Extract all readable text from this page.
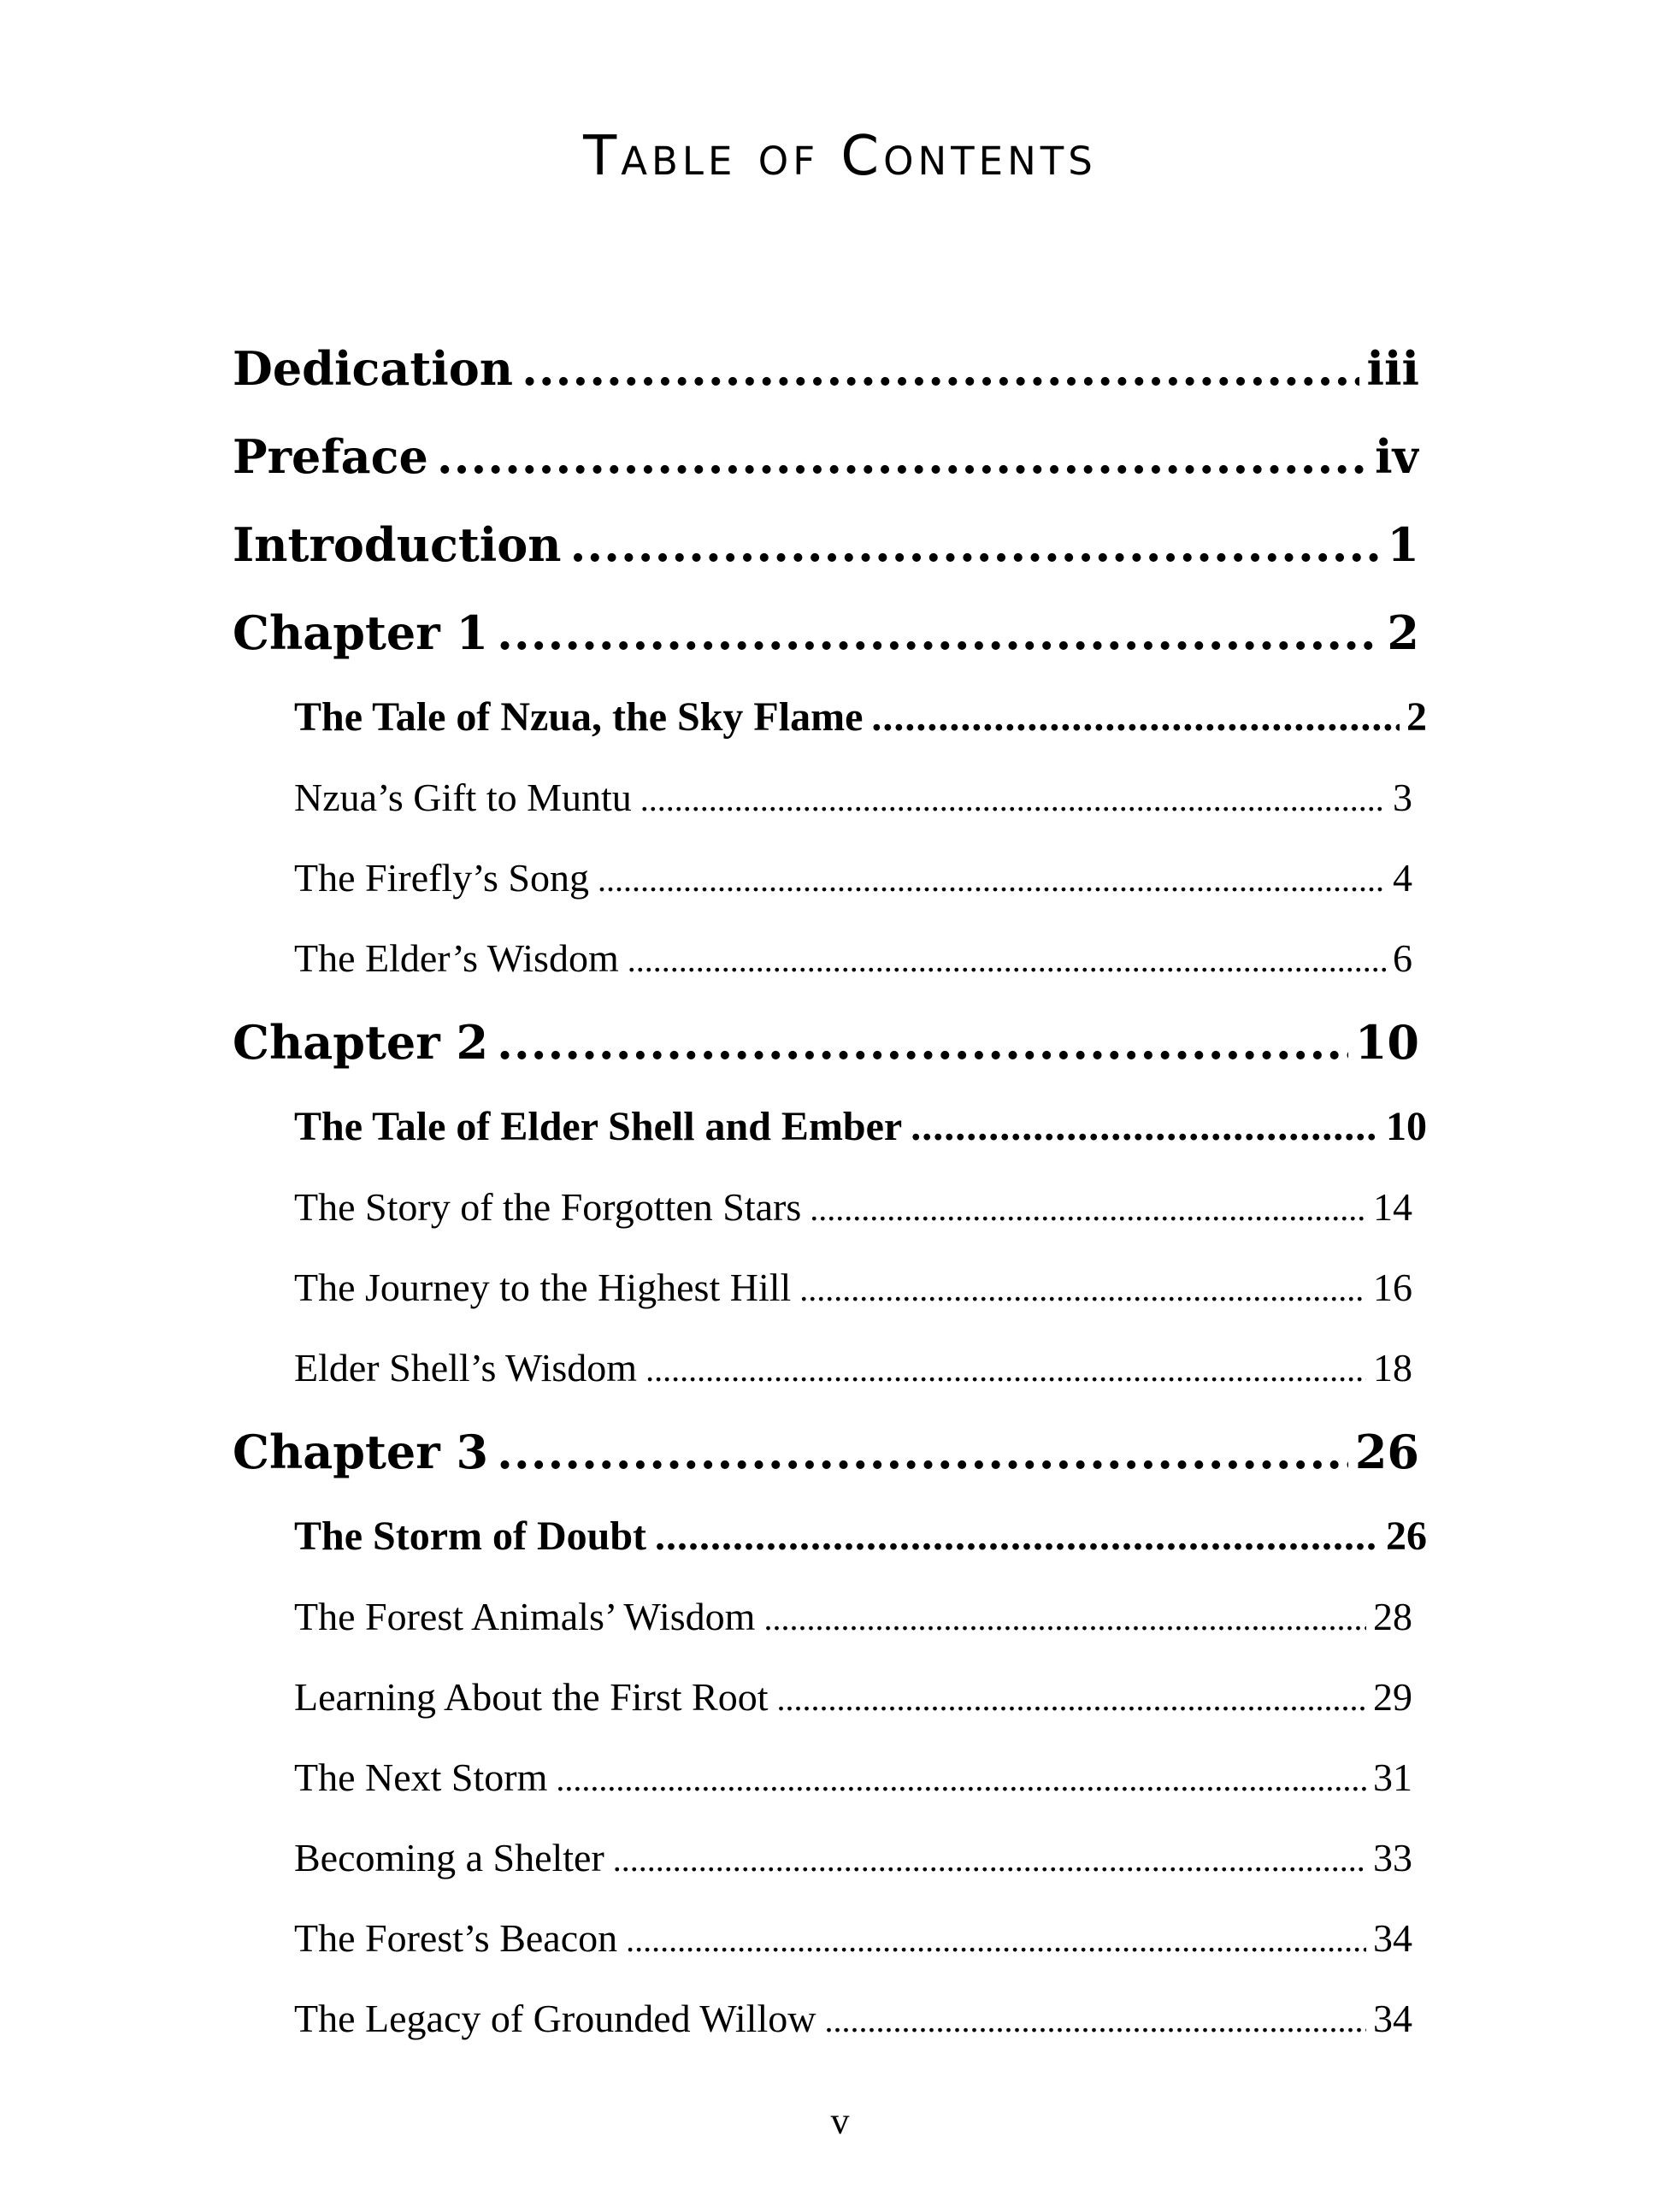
Table of Contents
Dedication .....	iii
Preface .....	iv
Introduction .....	1
Chapter 1 .....	2
The Tale of Nzua, the Sky Flame .....	2
Nzua’s Gift to Muntu .....	3
The Firefly’s Song .....	4
The Elder’s Wisdom .....	6
Chapter 2 .....	10
The Tale of Elder Shell and Ember .....	10
The Story of the Forgotten Stars .....	14
The Journey to the Highest Hill .....	16
Elder Shell’s Wisdom .....	18
Chapter 3 .....	26
The Storm of Doubt .....	26
The Forest Animals’ Wisdom .....	28
Learning About the First Root .....	29
The Next Storm .....	31
Becoming a Shelter .....	33
The Forest’s Beacon .....	34
The Legacy of Grounded Willow .....	34
v
